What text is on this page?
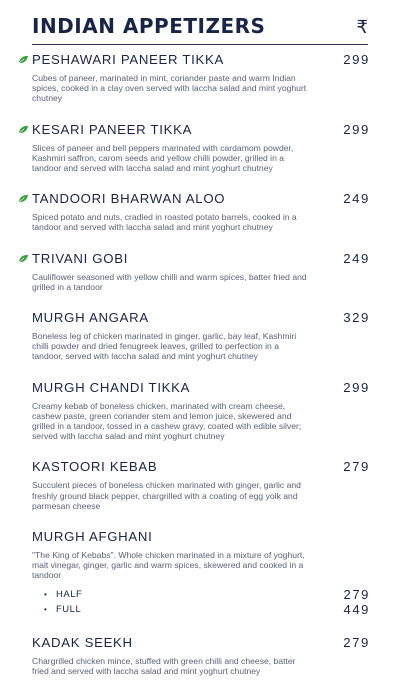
INDIAN APPETIZERS	₹
PESHAWARI PANEER TIKKA	299
Cubes of paneer, marinated in mint, coriander paste and warm Indian spices, cooked in a clay oven served with laccha salad and mint yoghurt chutney
KESARI PANEER TIKKA	299
Slices of paneer and bell peppers marinated with cardamom powder, Kashmiri saffron, carom seeds and yellow chilli powder, grilled in a tandoor and served with laccha salad and mint yoghurt chutney
TANDOORI BHARWAN ALOO	249
Spiced potato and nuts, cradled in roasted potato barrels, cooked in a tandoor and served with laccha salad and mint yoghurt chutney
TRIVANI GOBI	249
Cauliflower seasoned with yellow chilli and warm spices, batter fried and grilled in a tandoor
MURGH ANGARA	329
Boneless leg of chicken marinated in ginger, garlic, bay leaf, Kashmiri chilli powder and dried fenugreek leaves, grilled to perfection in a tandoor, served with laccha salad and mint yoghurt chutney
MURGH CHANDI TIKKA	299
Creamy kebab of boneless chicken, marinated with cream cheese, cashew paste, green coriander stem and lemon juice, skewered and grilled in a tandoor, tossed in a cashew gravy, coated with edible silver; served with laccha salad and mint yoghurt chutney
KASTOORI KEBAB	279
Succulent pieces of boneless chicken marinated with ginger, garlic and freshly ground black pepper, chargrilled with a coating of egg yolk and parmesan cheese
MURGH AFGHANI
"The King of Kebabs". Whole chicken marinated in a mixture of yoghurt, malt vinegar, ginger, garlic and warm spices, skewered and cooked in a tandoor
• HALF	279
• FULL	449
KADAK SEEKH	279
Chargrilled chicken mince, stuffed with green chilli and cheese, batter fried and served with laccha salad and mint yoghurt chutney
